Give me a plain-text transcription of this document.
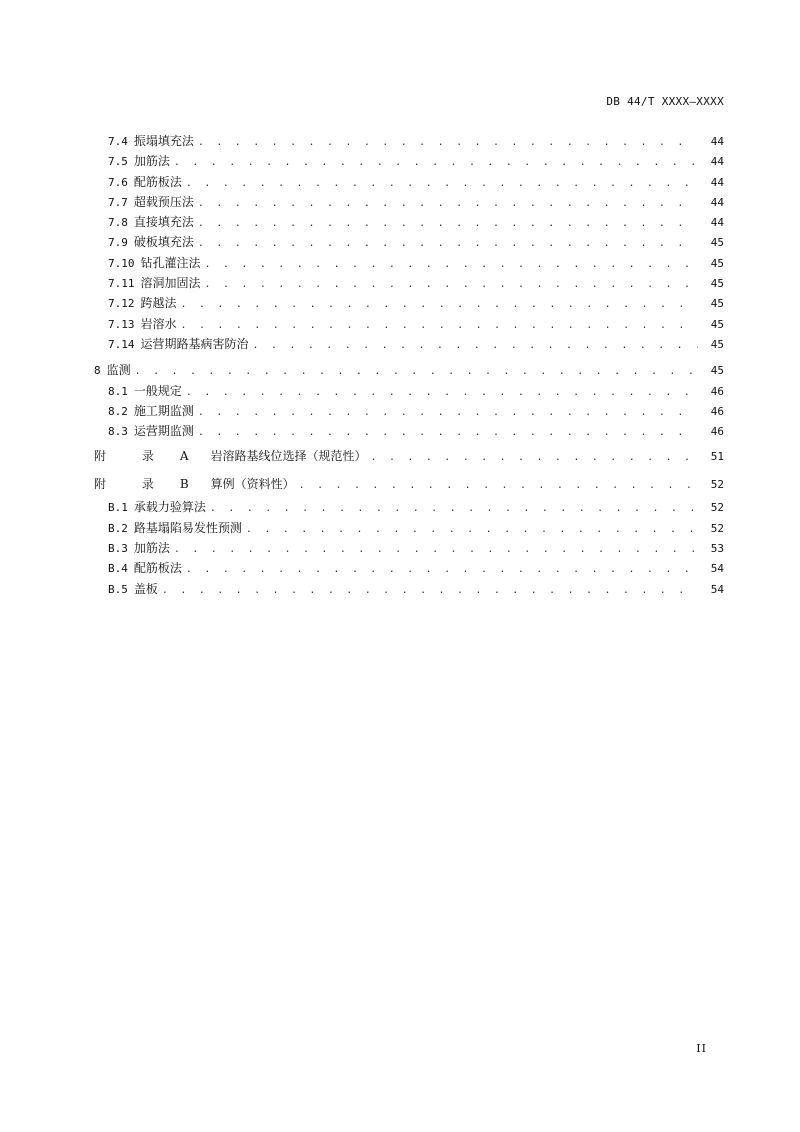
DB 44/T XXXX—XXXX
7.4 振塌填充法 . . .	44
7.5 加筋法 . . .	44
7.6 配筋板法 . . .	44
7.7 超载预压法 . . .	44
7.8 直接填充法 . . .	44
7.9 破板填充法 . . .	45
7.10 钻孔灌注法 . . .	45
7.11 溶洞加固法 . . .	45
7.12 跨越法 . . .	45
7.13 岩溶水 . . .	45
7.14 运营期路基病害防治 . . .	45
8 监测 . . .	45
8.1 一般规定 . . .	46
8.2 施工期监测 . . .	46
8.3 运营期监测 . . .	46
附 录 A 岩溶路基线位选择（规范性） . . .	51
附 录 B 算例（资料性） . . .	52
B.1 承载力验算法 . . .	52
B.2 路基塌陷易发性预测 . . .	52
B.3 加筋法 . . .	53
B.4 配筋板法 . . .	54
B.5 盖板 . . .	54
II
